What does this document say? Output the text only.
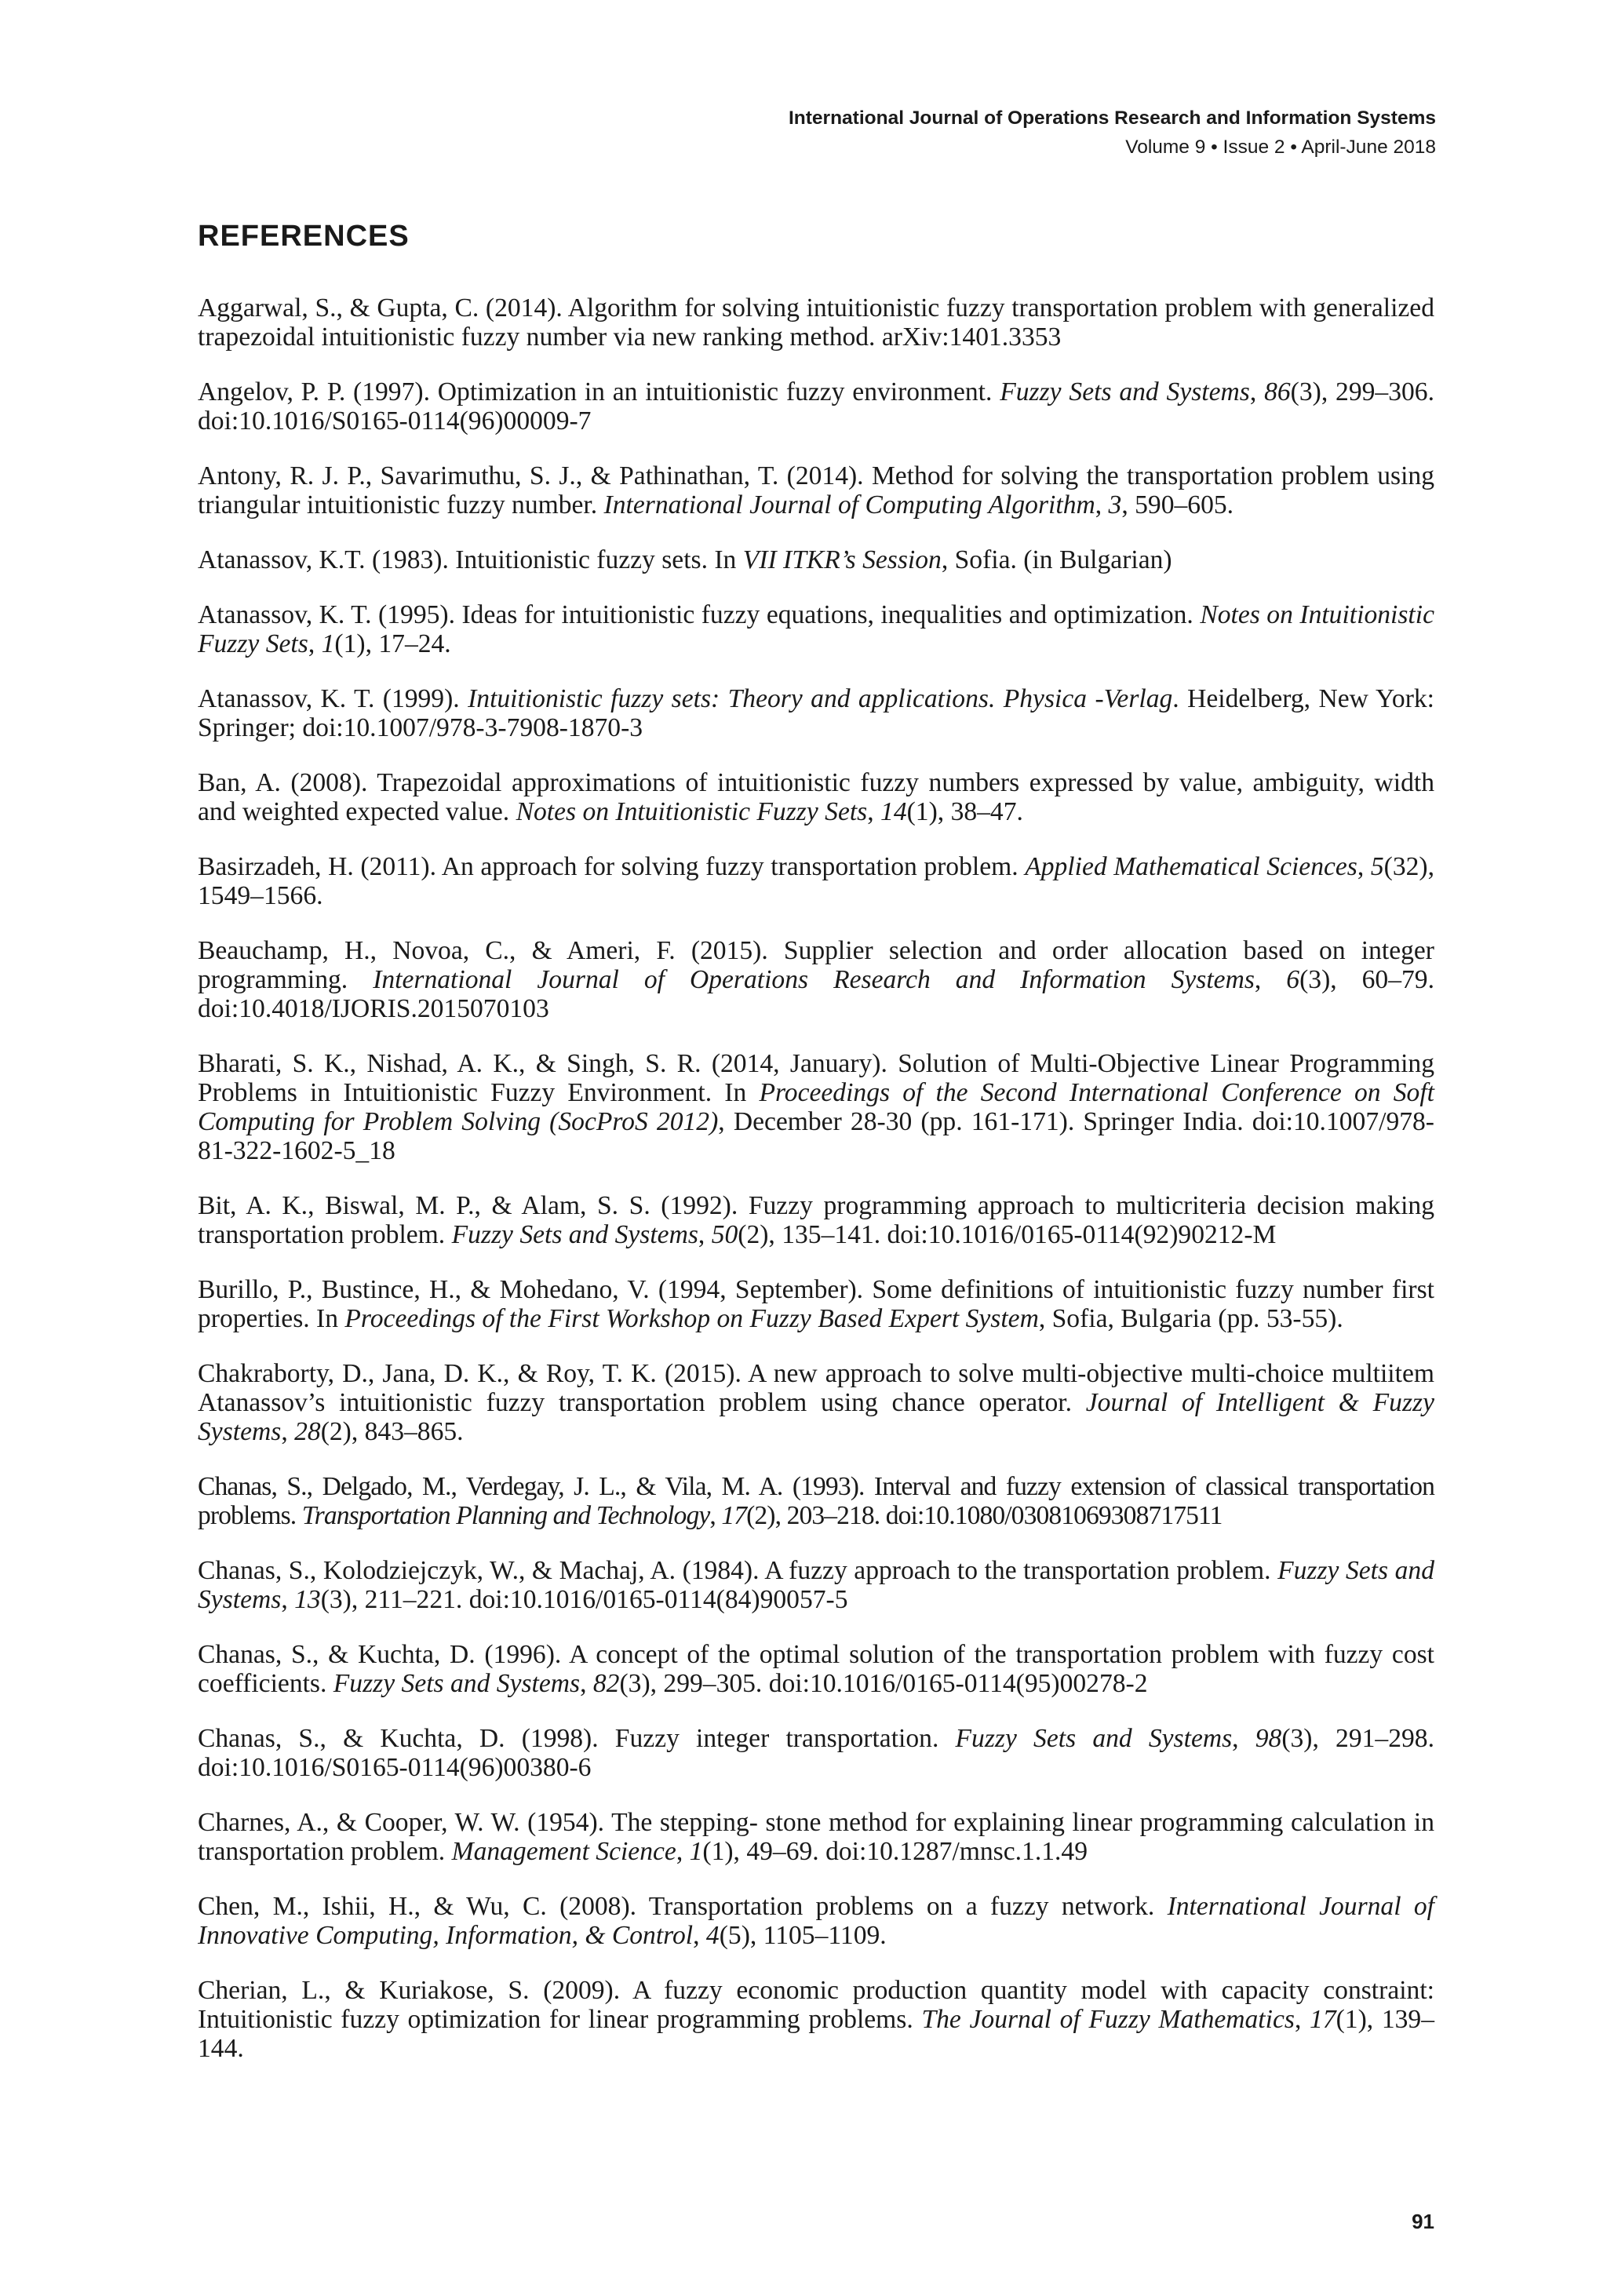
International Journal of Operations Research and Information Systems
Volume 9 • Issue 2 • April-June 2018
REFERENCES

Aggarwal, S., & Gupta, C. (2014). Algorithm for solving intuitionistic fuzzy transportation problem with generalized trapezoidal intuitionistic fuzzy number via new ranking method. arXiv:1401.3353

Angelov, P. P. (1997). Optimization in an intuitionistic fuzzy environment. Fuzzy Sets and Systems, 86(3), 299–306. doi:10.1016/S0165-0114(96)00009-7

Antony, R. J. P., Savarimuthu, S. J., & Pathinathan, T. (2014). Method for solving the transportation problem using triangular intuitionistic fuzzy number. International Journal of Computing Algorithm, 3, 590–605.

Atanassov, K.T. (1983). Intuitionistic fuzzy sets. In VII ITKR’s Session, Sofia. (in Bulgarian)

Atanassov, K. T. (1995). Ideas for intuitionistic fuzzy equations, inequalities and optimization. Notes on Intuitionistic Fuzzy Sets, 1(1), 17–24.

Atanassov, K. T. (1999). Intuitionistic fuzzy sets: Theory and applications. Physica -Verlag. Heidelberg, New York: Springer; doi:10.1007/978-3-7908-1870-3

Ban, A. (2008). Trapezoidal approximations of intuitionistic fuzzy numbers expressed by value, ambiguity, width and weighted expected value. Notes on Intuitionistic Fuzzy Sets, 14(1), 38–47.

Basirzadeh, H. (2011). An approach for solving fuzzy transportation problem. Applied Mathematical Sciences, 5(32), 1549–1566.

Beauchamp, H., Novoa, C., & Ameri, F. (2015). Supplier selection and order allocation based on integer programming. International Journal of Operations Research and Information Systems, 6(3), 60–79. doi:10.4018/IJORIS.2015070103

Bharati, S. K., Nishad, A. K., & Singh, S. R. (2014, January). Solution of Multi-Objective Linear Programming Problems in Intuitionistic Fuzzy Environment. In Proceedings of the Second International Conference on Soft Computing for Problem Solving (SocProS 2012), December 28-30 (pp. 161-171). Springer India. doi:10.1007/978-81-322-1602-5_18

Bit, A. K., Biswal, M. P., & Alam, S. S. (1992). Fuzzy programming approach to multicriteria decision making transportation problem. Fuzzy Sets and Systems, 50(2), 135–141. doi:10.1016/0165-0114(92)90212-M

Burillo, P., Bustince, H., & Mohedano, V. (1994, September). Some definitions of intuitionistic fuzzy number first properties. In Proceedings of the First Workshop on Fuzzy Based Expert System, Sofia, Bulgaria (pp. 53-55).

Chakraborty, D., Jana, D. K., & Roy, T. K. (2015). A new approach to solve multi-objective multi-choice multiitem Atanassov’s intuitionistic fuzzy transportation problem using chance operator. Journal of Intelligent & Fuzzy Systems, 28(2), 843–865.

Chanas, S., Delgado, M., Verdegay, J. L., & Vila, M. A. (1993). Interval and fuzzy extension of classical transportation problems. Transportation Planning and Technology, 17(2), 203–218. doi:10.1080/03081069308717511

Chanas, S., Kolodziejczyk, W., & Machaj, A. (1984). A fuzzy approach to the transportation problem. Fuzzy Sets and Systems, 13(3), 211–221. doi:10.1016/0165-0114(84)90057-5

Chanas, S., & Kuchta, D. (1996). A concept of the optimal solution of the transportation problem with fuzzy cost coefficients. Fuzzy Sets and Systems, 82(3), 299–305. doi:10.1016/0165-0114(95)00278-2

Chanas, S., & Kuchta, D. (1998). Fuzzy integer transportation. Fuzzy Sets and Systems, 98(3), 291–298. doi:10.1016/S0165-0114(96)00380-6

Charnes, A., & Cooper, W. W. (1954). The stepping- stone method for explaining linear programming calculation in transportation problem. Management Science, 1(1), 49–69. doi:10.1287/mnsc.1.1.49

Chen, M., Ishii, H., & Wu, C. (2008). Transportation problems on a fuzzy network. International Journal of Innovative Computing, Information, & Control, 4(5), 1105–1109.

Cherian, L., & Kuriakose, S. (2009). A fuzzy economic production quantity model with capacity constraint: Intuitionistic fuzzy optimization for linear programming problems. The Journal of Fuzzy Mathematics, 17(1), 139–144.

91
